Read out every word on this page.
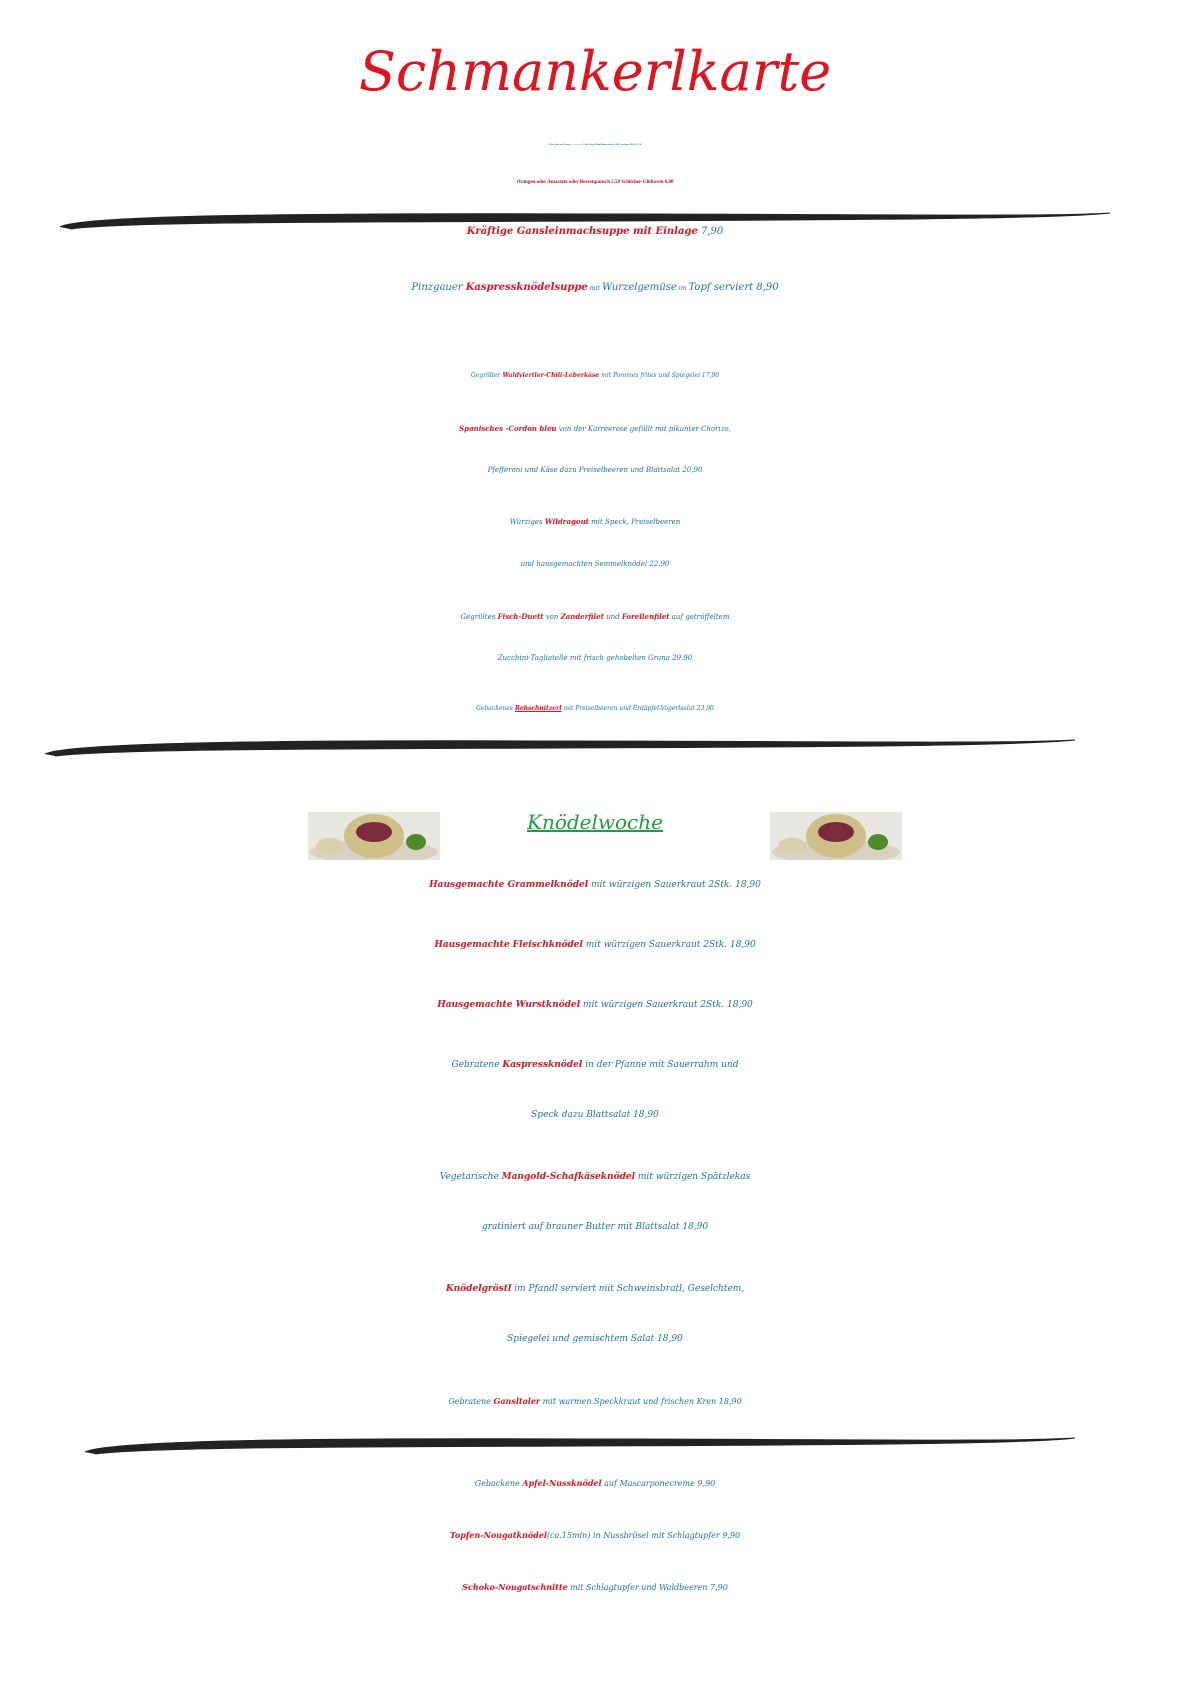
Schmankerlkarte
Glas Sekt mit Xuxu (Erdbeer-Vodka) 5,90 /Sexy Heidelbeer-Shot 5,90/ Lustiger Willi 5,90
Orangen oder Amaretto oder Beerenpunsch 5,50 Schilcher-Glühwein 6,00
Kräftige Gansleinmachsuppe mit Einlage 7,90
Pinzgauer Kaspressknödelsuppe mit Wurzelgemüse im Topf serviert 8,90
Gegrillter Waldviertler-Chili-Leberkäse mit Pommes frites und Spiegelei 17,90
Spanisches -Cordon bleu von der Karreerose gefüllt mit pikanter Chorizo,
Pfefferoni und Käse dazu Preiselbeeren und Blattsalat 20,90
Würziges Wildragout mit Speck, Preiselbeeren
und hausgemachten Semmelknödel 22,90
Gegrilltes Fisch-Duett von Zanderfilet und Forellenfilet auf getrüffeltem
Zucchini-Tagliatelle mit frisch gehobelten Grana 29,90
Gebackenes Rehschnitzerl mit Preiselbeeren und Erdäpfel-Vogerlsalat 23,90
Knödelwoche
Hausgemachte Grammelknödel mit würzigen Sauerkraut 2Stk. 18,90
Hausgemachte Fleischknödel mit würzigen Sauerkraut 2Stk. 18,90
Hausgemachte Wurstknödel mit würzigen Sauerkraut 2Stk. 18,90
Gebratene Kaspressknödel in der Pfanne mit Sauerrahm und
Speck dazu Blattsalat 18,90
Vegetarische Mangold-Schafkäseknödel mit würzigen Spätzlekas
gratiniert auf brauner Butter mit Blattsalat 18,90
Knödelgröstl im Pfandl serviert mit Schweinsbratl, Geselchtem,
Spiegelei und gemischtem Salat 18,90
Gebratene Gansltaler mit warmen Speckkraut und frischen Kren 18,90
Gebackene Apfel-Nussknödel auf Mascarponecreme 9,90
Topfen-Nougatknödel(ca.15min) in Nussbrösel mit Schlagtupfer 9,90
Schoko-Nougatschnitte mit Schlagtupfer und Waldbeeren 7,90
